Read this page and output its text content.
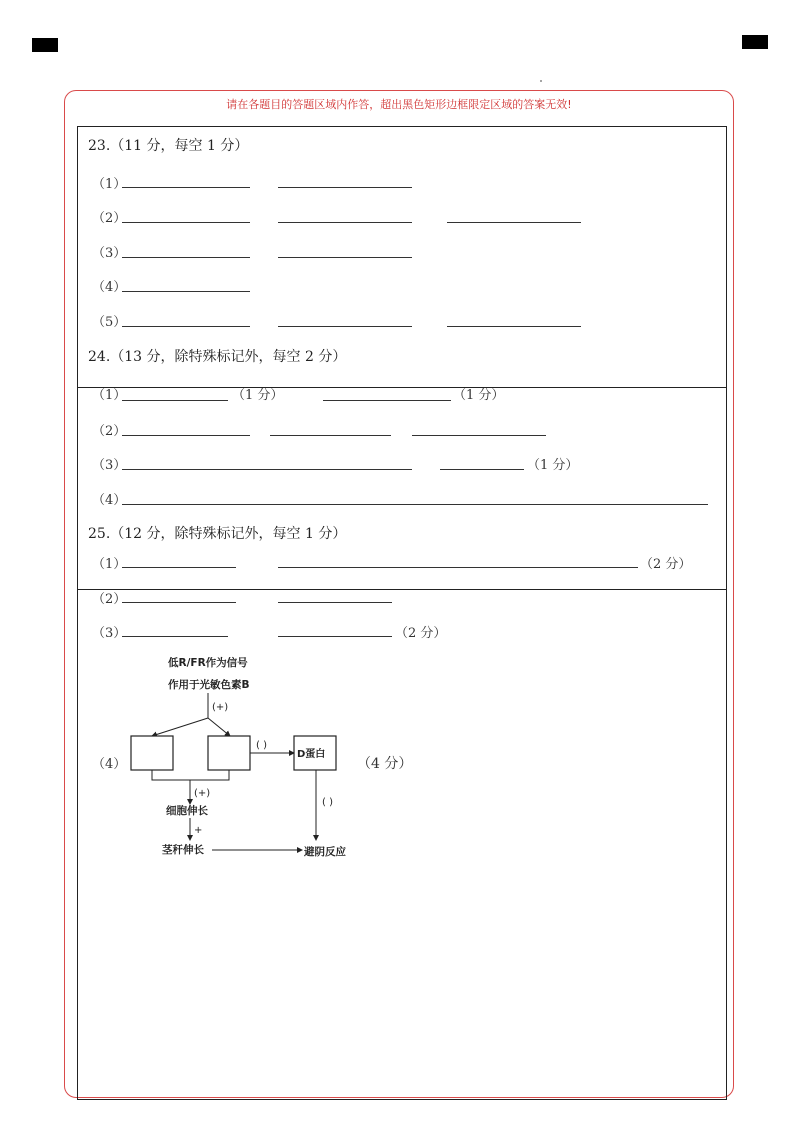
请在各题目的答题区域内作答，超出黑色矩形边框限定区域的答案无效!
23.（11 分，每空 1 分）
（1）
（2）
（3）
（4）
（5）
24.（13 分，除特殊标记外，每空 2 分）
（1）	（1 分）	（1 分）
（2）
（3）	（1 分）
（4）
25.（12 分，除特殊标记外，每空 1 分）
（1）	（2 分）
（2）
（3）	（2 分）
（4）	（4 分）
低R/FR作为信号
作用于光敏色素B
(+)
( )
D蛋白
(+)
细胞伸长
+
茎秆伸长
( )
避阴反应
